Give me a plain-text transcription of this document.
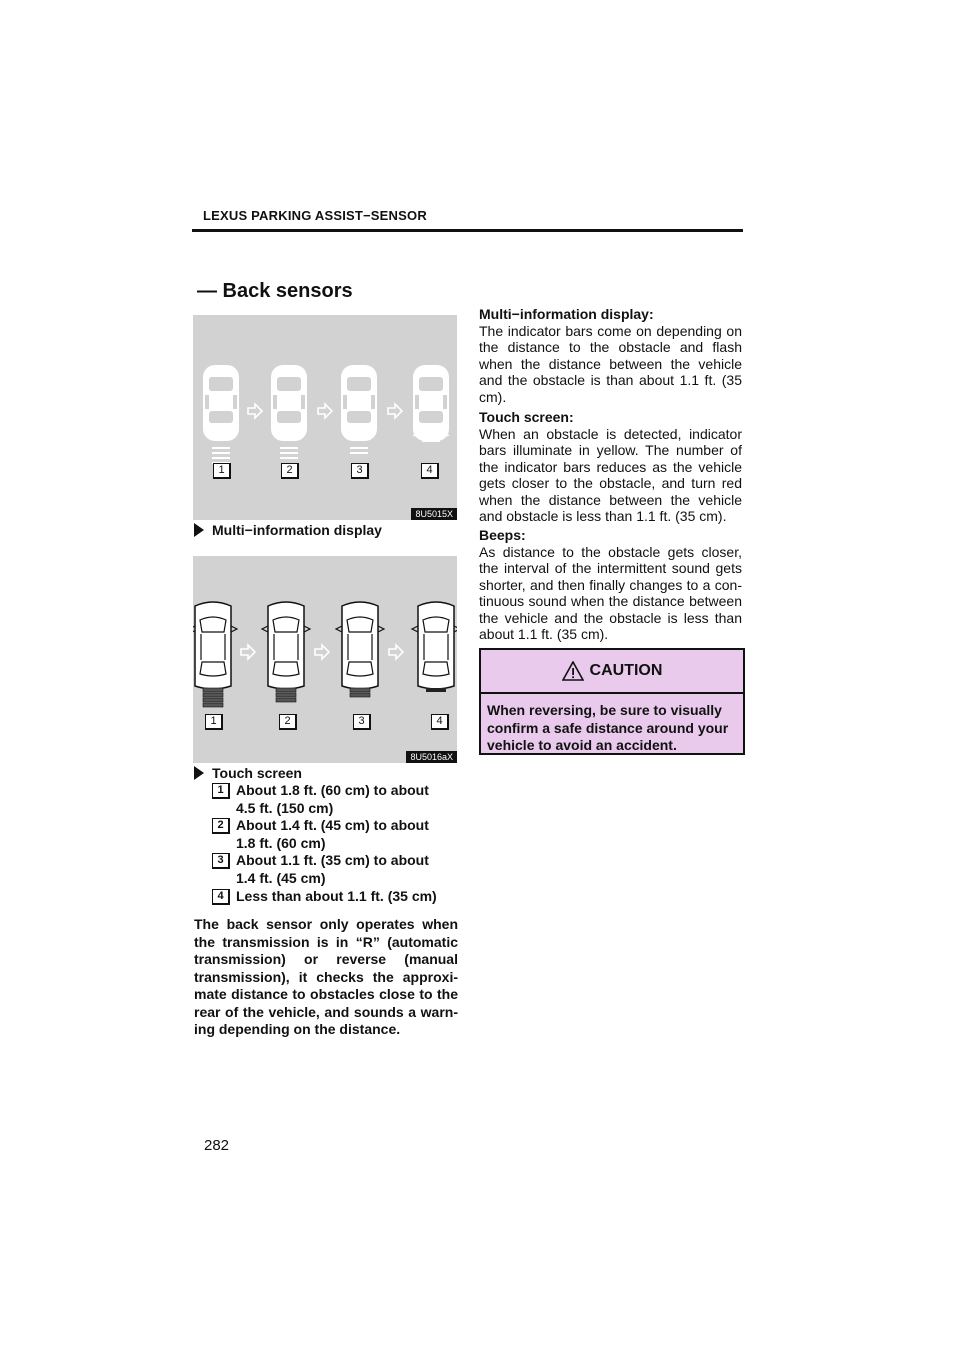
LEXUS PARKING ASSIST−SENSOR
— Back sensors
1	2	3	4
8U5015X
Multi−information display
1	2	3	4
8U5016aX
Touch screen
1 About 1.8 ft. (60 cm) to about
4.5 ft. (150 cm)
2 About 1.4 ft. (45 cm) to about
1.8 ft. (60 cm)
3 About 1.1 ft. (35 cm) to about
1.4 ft. (45 cm)
4 Less than about 1.1 ft. (35 cm)
The back sensor only operates when the transmission is in “R” (automatic transmission) or reverse (manual transmission), it checks the approxi- mate distance to obstacles close to the rear of the vehicle, and sounds a warn- ing depending on the distance.
Multi−information display:
The indicator bars come on depending on the distance to the obstacle and flash when the distance between the vehicle and the obstacle is than about 1.1 ft. (35 cm).
Touch screen:
When an obstacle is detected, indicator bars illuminate in yellow. The number of the indicator bars reduces as the vehicle gets closer to the obstacle, and turn red when the distance between the vehicle and obstacle is less than 1.1 ft. (35 cm).
Beeps:
As distance to the obstacle gets closer, the interval of the intermittent sound gets shorter, and then finally changes to a con- tinuous sound when the distance between the vehicle and the obstacle is less than about 1.1 ft. (35 cm).
CAUTION
When reversing, be sure to visually confirm a safe distance around your vehicle to avoid an accident.
282
